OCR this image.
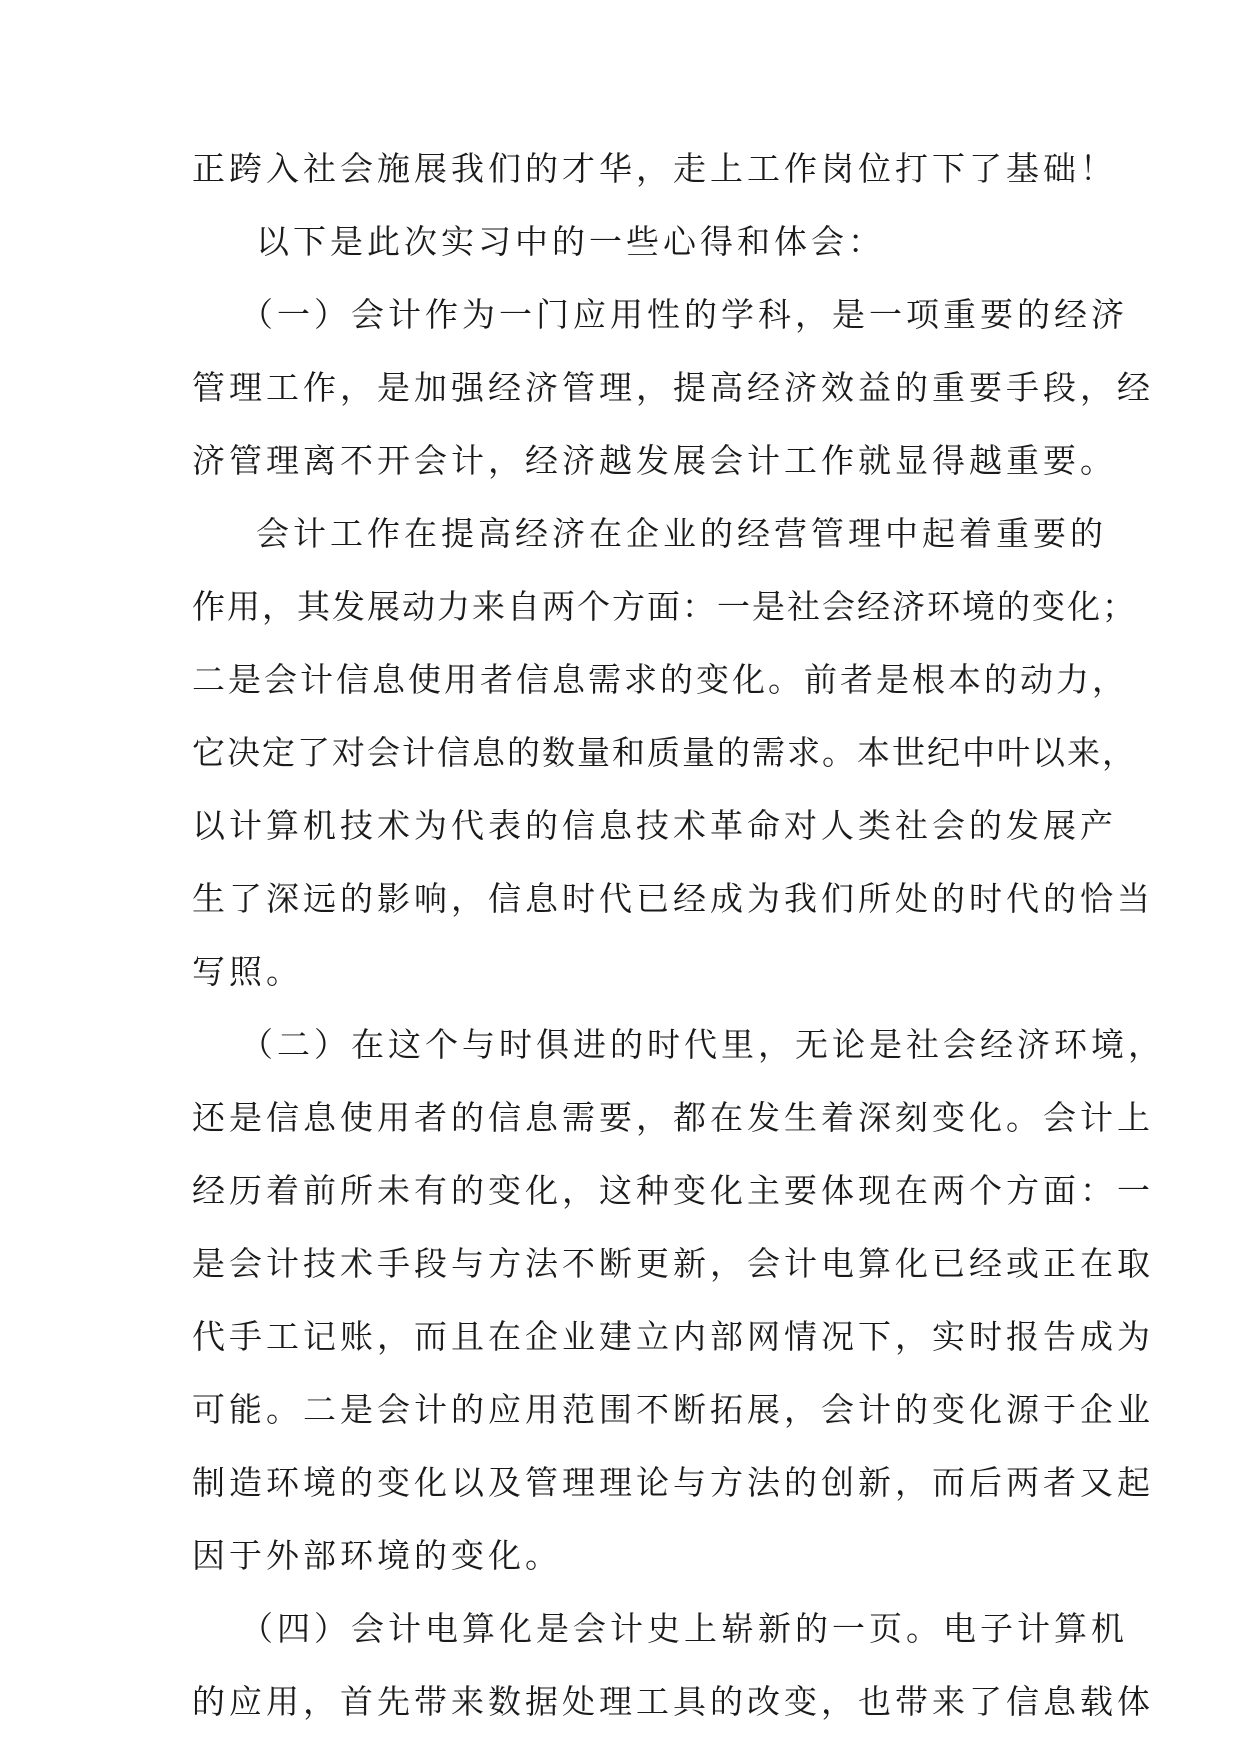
正跨入社会施展我们的才华，走上工作岗位打下了基础！
以下是此次实习中的一些心得和体会：
（一）会计作为一门应用性的学科，是一项重要的经济
管理工作，是加强经济管理，提高经济效益的重要手段，经
济管理离不开会计，经济越发展会计工作就显得越重要。
会计工作在提高经济在企业的经营管理中起着重要的
作用，其发展动力来自两个方面：一是社会经济环境的变化；
二是会计信息使用者信息需求的变化。前者是根本的动力，
它决定了对会计信息的数量和质量的需求。本世纪中叶以来，
以计算机技术为代表的信息技术革命对人类社会的发展产
生了深远的影响，信息时代已经成为我们所处的时代的恰当
写照。
（二）在这个与时俱进的时代里，无论是社会经济环境，
还是信息使用者的信息需要，都在发生着深刻变化。会计上
经历着前所未有的变化，这种变化主要体现在两个方面：一
是会计技术手段与方法不断更新，会计电算化已经或正在取
代手工记账，而且在企业建立内部网情况下，实时报告成为
可能。二是会计的应用范围不断拓展，会计的变化源于企业
制造环境的变化以及管理理论与方法的创新，而后两者又起
因于外部环境的变化。
（四）会计电算化是会计史上崭新的一页。电子计算机
的应用，首先带来数据处理工具的改变，也带来了信息载体
